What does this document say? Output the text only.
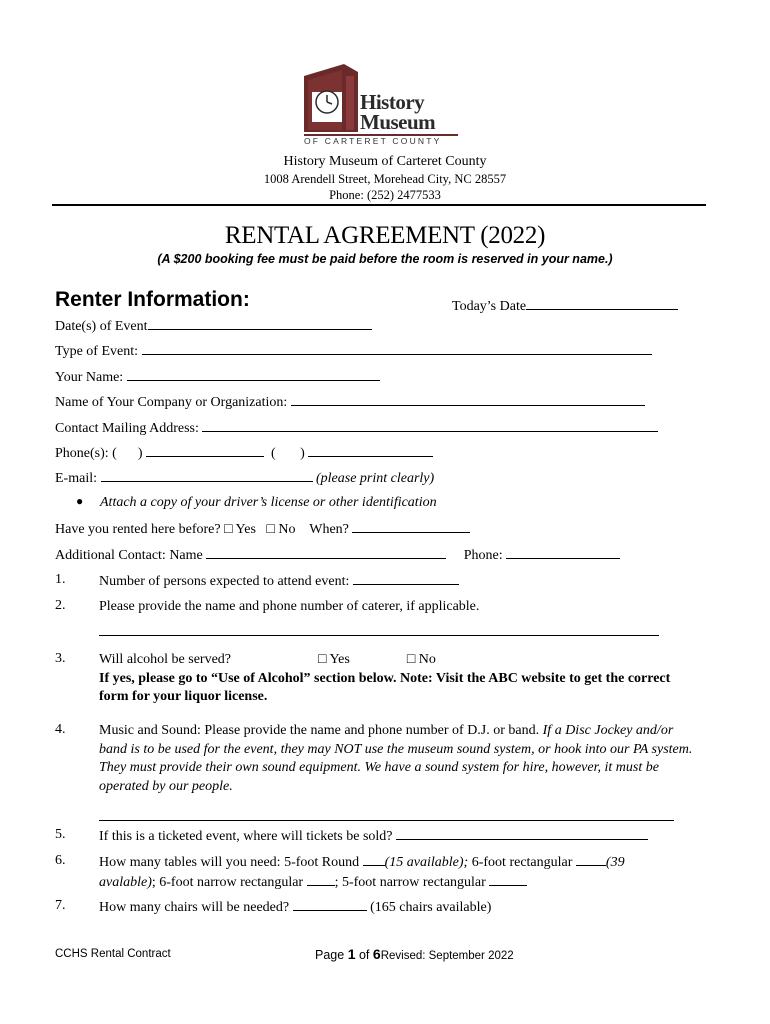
History
Museum
OF CARTERET COUNTY
History Museum of Carteret County
1008 Arendell Street, Morehead City, NC 28557
Phone: (252) 2477533
RENTAL AGREEMENT (2022)
(A $200 booking fee must be paid before the room is reserved in your name.)
Renter Information:	Today’s Date
Date(s) of Event
Type of Event:
Your Name:
Name of Your Company or Organization:
Contact Mailing Address:
Phone(s): (      )	(       )
E-mail:	(please print clearly)
● Attach a copy of your driver’s license or other identification
Have you rented here before? □ Yes □ No When?
Additional Contact: Name	Phone:
1. Number of persons expected to attend event:
2. Please provide the name and phone number of caterer, if applicable.
3. Will alcohol be served?	□ Yes	□ No
If yes, please go to “Use of Alcohol” section below. Note: Visit the ABC website to get the correct form for your liquor license.
4. Music and Sound: Please provide the name and phone number of D.J. or band. If a Disc Jockey and/or band is to be used for the event, they may NOT use the museum sound system, or hook into our PA system. They must provide their own sound equipment. We have a sound system for hire, however, it must be operated by our people.
5. If this is a ticketed event, where will tickets be sold?
6. How many tables will you need: 5-foot Round (15 available); 6-foot rectangular (39 avalable); 6-foot narrow rectangular ; 5-foot narrow rectangular
7. How many chairs will be needed?	(165 chairs available)
CCHS Rental Contract	Page 1 of 6Revised: September 2022
